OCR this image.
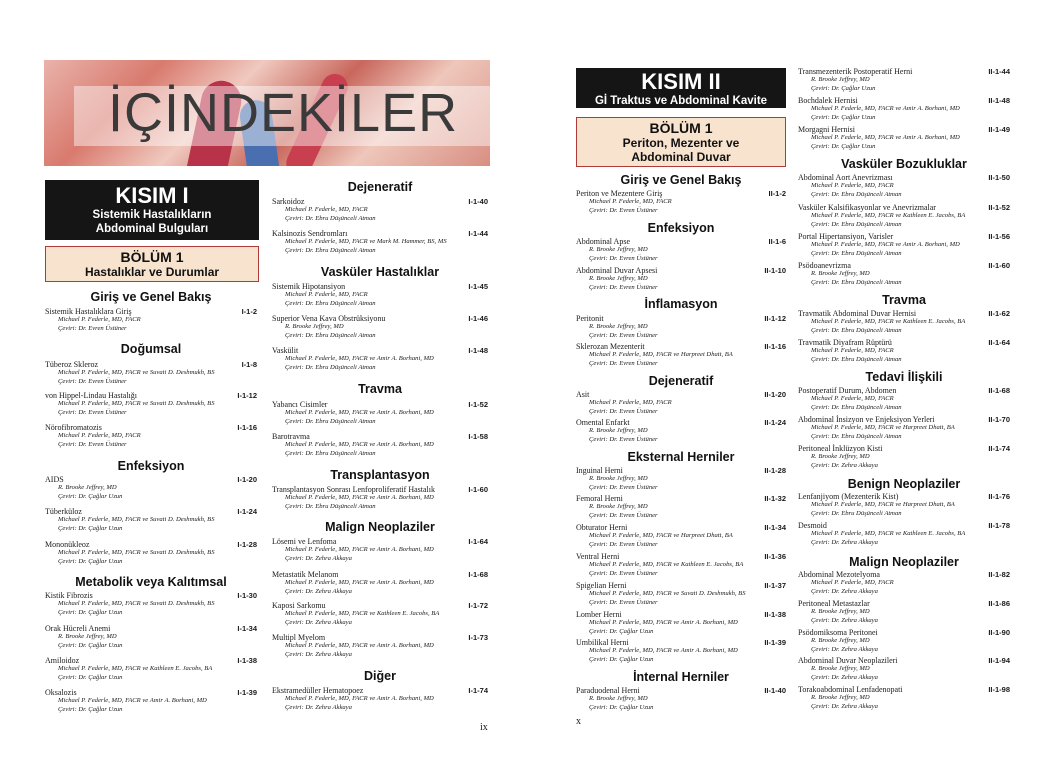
İÇİNDEKİLER
KISIM I
Sistemik Hastalıkların
Abdominal Bulguları
BÖLÜM 1
Hastalıklar ve Durumlar
KISIM II
Gİ Traktus ve Abdominal Kavite
BÖLÜM 1
Periton, Mezenter ve
Abdominal Duvar
Giriş ve Genel Bakış
Doğumsal
Enfeksiyon
Metabolik veya Kalıtımsal
Dejeneratif
Vasküler Hastalıklar
Travma
Transplantasyon
Malign Neoplaziler
Diğer
Giriş ve Genel Bakış
Enfeksiyon
İnflamasyon
Dejeneratif
Eksternal Herniler
İnternal Herniler
Vasküler Bozukluklar
Travma
Tedavi İlişkili
Benign Neoplaziler
Malign Neoplaziler
Sistemik Hastalıklara Giriş
Michael P. Federle, MD, FACR
Çeviri: Dr. Evren Üstüner
I-1-2
Tüberoz Skleroz
Michael P. Federle, MD, FACR ve Suvati D. Deshmukh, BS
Çeviri: Dr. Evren Üstüner
I-1-8
von Hippel-Lindau Hastalığı
Michael P. Federle, MD, FACR ve Suvati D. Deshmukh, BS
Çeviri: Dr. Evren Üstüner
I-1-12
Nörofibromatozis
Michael P. Federle, MD, FACR
Çeviri: Dr. Evren Üstüner
I-1-16
AIDS
R. Brooke Jeffrey, MD
Çeviri: Dr. Çağlar Uzun
I-1-20
Tüberküloz
Michael P. Federle, MD, FACR ve Suvati D. Deshmukh, BS
Çeviri: Dr. Çağlar Uzun
I-1-24
Mononükleoz
Michael P. Federle, MD, FACR ve Suvati D. Deshmukh, BS
Çeviri: Dr. Çağlar Uzun
I-1-28
Kistik Fibrozis
Michael P. Federle, MD, FACR ve Suvati D. Deshmukh, BS
Çeviri: Dr. Çağlar Uzun
I-1-30
Orak Hücreli Anemi
R. Brooke Jeffrey, MD
Çeviri: Dr. Çağlar Uzun
I-1-34
Amiloidoz
Michael P. Federle, MD, FACR ve Kathleen E. Jacobs, BA
Çeviri: Dr. Çağlar Uzun
I-1-38
Oksalozis
Michael P. Federle, MD, FACR ve Amir A. Borhani, MD
Çeviri: Dr. Çağlar Uzun
I-1-39
Sarkoidoz
Michael P. Federle, MD, FACR
Çeviri: Dr. Ebru Düşünceli Atman
I-1-40
Kalsinozis Sendromları
Michael P. Federle, MD, FACR ve Mark M. Hammer, BS, MS
Çeviri: Dr. Ebru Düşünceli Atman
I-1-44
Sistemik Hipotansiyon
Michael P. Federle, MD, FACR
Çeviri: Dr. Ebru Düşünceli Atman
I-1-45
Superior Vena Kava Obstrüksiyonu
R. Brooke Jeffrey, MD
Çeviri: Dr. Ebru Düşünceli Atman
I-1-46
Vaskülit
Michael P. Federle, MD, FACR ve Amir A. Borhani, MD
Çeviri: Dr. Ebru Düşünceli Atman
I-1-48
Yabancı Cisimler
Michael P. Federle, MD, FACR ve Amir A. Borhani, MD
Çeviri: Dr. Ebru Düşünceli Atman
I-1-52
Barotravma
Michael P. Federle, MD, FACR ve Amir A. Borhani, MD
Çeviri: Dr. Ebru Düşünceli Atman
I-1-58
Transplantasyon Sonrası Lenfoproliferatif Hastalık
Michael P. Federle, MD, FACR ve Amir A. Borhani, MD
Çeviri: Dr. Ebru Düşünceli Atman
I-1-60
Lösemi ve Lenfoma
Michael P. Federle, MD, FACR ve Amir A. Borhani, MD
Çeviri: Dr. Zehra Akkaya
I-1-64
Metastatik Melanom
Michael P. Federle, MD, FACR ve Amir A. Borhani, MD
Çeviri: Dr. Zehra Akkaya
I-1-68
Kaposi Sarkomu
Michael P. Federle, MD, FACR ve Kathleen E. Jacobs, BA
Çeviri: Dr. Zehra Akkaya
I-1-72
Multipl Myelom
Michael P. Federle, MD, FACR ve Amir A. Borhani, MD
Çeviri: Dr. Zehra Akkaya
I-1-73
Ekstramedüller Hematopoez
Michael P. Federle, MD, FACR ve Amir A. Borhani, MD
Çeviri: Dr. Zehra Akkaya
I-1-74
Periton ve Mezentere Giriş
Michael P. Federle, MD, FACR
Çeviri: Dr. Evren Üstüner
II-1-2
Abdominal Apse
R. Brooke Jeffrey, MD
Çeviri: Dr. Evren Üstüner
II-1-6
Abdominal Duvar Apsesi
R. Brooke Jeffrey, MD
Çeviri: Dr. Evren Üstüner
II-1-10
Peritonit
R. Brooke Jeffrey, MD
Çeviri: Dr. Evren Üstüner
II-1-12
Sklerozan Mezenterit
Michael P. Federle, MD, FACR ve Harpreet Dhatt, BA
Çeviri: Dr. Evren Üstüner
II-1-16
Asit
Michael P. Federle, MD, FACR
Çeviri: Dr. Evren Üstüner
II-1-20
Omental Enfarkt
R. Brooke Jeffrey, MD
Çeviri: Dr. Evren Üstüner
II-1-24
Inguinal Herni
R. Brooke Jeffrey, MD
Çeviri: Dr. Evren Üstüner
II-1-28
Femoral Herni
R. Brooke Jeffrey, MD
Çeviri: Dr. Evren Üstüner
II-1-32
Obturator Herni
Michael P. Federle, MD, FACR ve Harpreet Dhatt, BA
Çeviri: Dr. Evren Üstüner
II-1-34
Ventral Herni
Michael P. Federle, MD, FACR ve Kathleen E. Jacobs, BA
Çeviri: Dr. Evren Üstüner
II-1-36
Spigelian Herni
Michael P. Federle, MD, FACR ve Suvati D. Deshmukh, BS
Çeviri: Dr. Evren Üstüner
II-1-37
Lomber Herni
Michael P. Federle, MD, FACR ve Amir A. Borhani, MD
Çeviri: Dr. Çağlar Uzun
II-1-38
Umbilikal Herni
Michael P. Federle, MD, FACR ve Amir A. Borhani, MD
Çeviri: Dr. Çağlar Uzun
II-1-39
Paraduodenal Herni
R. Brooke Jeffrey, MD
Çeviri: Dr. Çağlar Uzun
II-1-40
Transmezenterik Postoperatif Herni
R. Brooke Jeffrey, MD
Çeviri: Dr. Çağlar Uzun
II-1-44
Bochdalek Hernisi
Michael P. Federle, MD, FACR ve Amir A. Borhani, MD
Çeviri: Dr. Çağlar Uzun
II-1-48
Morgagni Hernisi
Michael P. Federle, MD, FACR ve Amir A. Borhani, MD
Çeviri: Dr. Çağlar Uzun
II-1-49
Abdominal Aort Anevrizması
Michael P. Federle, MD, FACR
Çeviri: Dr. Ebru Düşünceli Atman
II-1-50
Vasküler Kalsifikasyonlar ve Anevrizmalar
Michael P. Federle, MD, FACR ve Kathleen E. Jacobs, BA
Çeviri: Dr. Ebru Düşünceli Atman
II-1-52
Portal Hipertansiyon, Varisler
Michael P. Federle, MD, FACR ve Amir A. Borhani, MD
Çeviri: Dr. Ebru Düşünceli Atman
II-1-56
Psödoanevrizma
R. Brooke Jeffrey, MD
Çeviri: Dr. Ebru Düşünceli Atman
II-1-60
Travmatik Abdominal Duvar Hernisi
Michael P. Federle, MD, FACR ve Kathleen E. Jacobs, BA
Çeviri: Dr. Ebru Düşünceli Atman
II-1-62
Travmatik Diyafram Rüptürü
Michael P. Federle, MD, FACR
Çeviri: Dr. Ebru Düşünceli Atman
II-1-64
Postoperatif Durum, Abdomen
Michael P. Federle, MD, FACR
Çeviri: Dr. Ebru Düşünceli Atman
II-1-68
Abdominal İnsizyon ve Enjeksiyon Yerleri
Michael P. Federle, MD, FACR ve Harpreet Dhatt, BA
Çeviri: Dr. Ebru Düşünceli Atman
II-1-70
Peritoneal İnklüzyon Kisti
R. Brooke Jeffrey, MD
Çeviri: Dr. Zehra Akkaya
II-1-74
Lenfanjiyom (Mezenterik Kist)
Michael P. Federle, MD, FACR ve Harpreet Dhatt, BA
Çeviri: Dr. Ebru Düşünceli Atman
II-1-76
Desmoid
Michael P. Federle, MD, FACR ve Kathleen E. Jacobs, BA
Çeviri: Dr. Zehra Akkaya
II-1-78
Abdominal Mezotelyoma
Michael P. Federle, MD, FACR
Çeviri: Dr. Zehra Akkaya
II-1-82
Peritoneal Metastazlar
R. Brooke Jeffrey, MD
Çeviri: Dr. Zehra Akkaya
II-1-86
Psödomiksoma Peritonei
R. Brooke Jeffrey, MD
Çeviri: Dr. Zehra Akkaya
II-1-90
Abdominal Duvar Neoplazileri
R. Brooke Jeffrey, MD
Çeviri: Dr. Zehra Akkaya
II-1-94
Torakoabdominal Lenfadenopati
R. Brooke Jeffrey, MD
Çeviri: Dr. Zehra Akkaya
II-1-98
ix
x
